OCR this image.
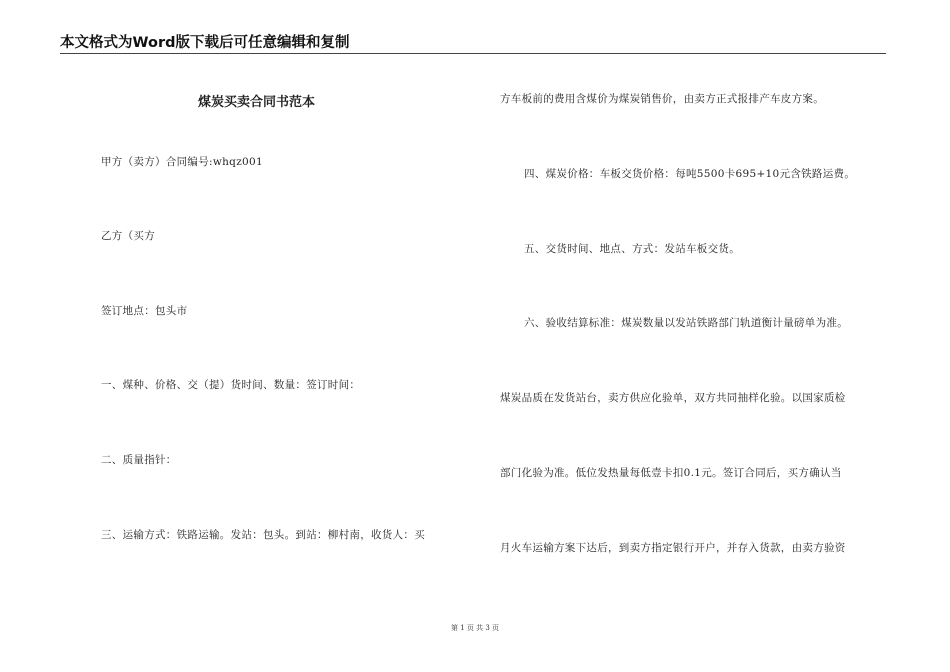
本文格式为Word版下载后可任意编辑和复制
煤炭买卖合同书范本
甲方（卖方）合同编号:whqz001
乙方（买方
签订地点：包头市
一、煤种、价格、交（提）货时间、数量：签订时间：
二、质量指针：
三、运输方式：铁路运输。发站：包头。到站：柳村南，收货人：买
方车板前的费用含煤价为煤炭销售价，由卖方正式报排产车皮方案。
四、煤炭价格：车板交货价格：每吨5500卡695+10元含铁路运费。
五、交货时间、地点、方式：发站车板交货。
六、验收结算标准：煤炭数量以发站铁路部门轨道衡计量磅单为准。
煤炭品质在发货站台，卖方供应化验单，双方共同抽样化验。以国家质检
部门化验为准。低位发热量每低壹卡扣0.1元。签订合同后，买方确认当
月火车运输方案下达后，到卖方指定银行开户，并存入货款，由卖方验资
第 1 页 共 3 页
